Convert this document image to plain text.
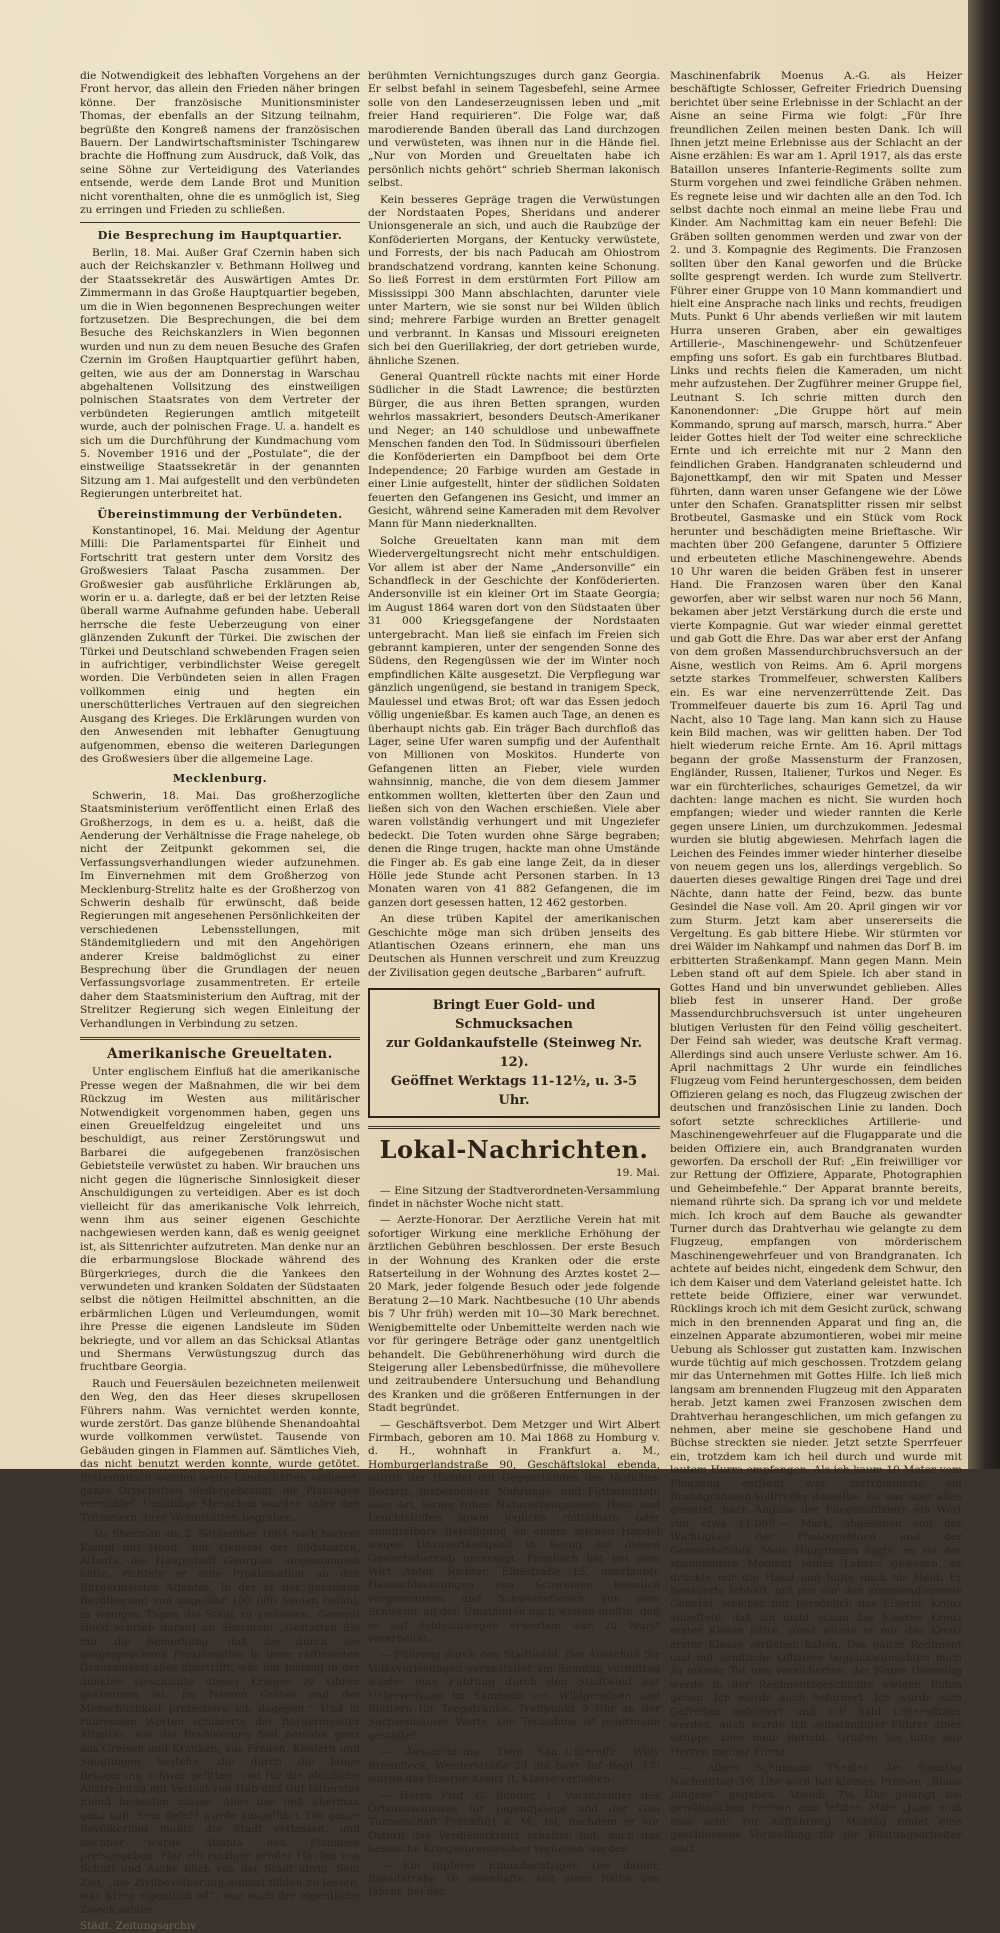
die Notwendigkeit des lebhaften Vorgehens an der Front hervor, das allein den Frieden näher bringen könne. Der französische Munitionsminister Thomas, der ebenfalls an der Sitzung teilnahm, begrüßte den Kongreß namens der französischen Bauern. Der Landwirtschaftsminister Tschingarew brachte die Hoffnung zum Ausdruck, daß Volk, das seine Söhne zur Verteidigung des Vaterlandes entsende, werde dem Lande Brot und Munition nicht vorenthalten, ohne die es unmöglich ist, Sieg zu erringen und Frieden zu schließen.

Die Besprechung im Hauptquartier.

Berlin, 18. Mai. Außer Graf Czernin haben sich auch der Reichskanzler v. Bethmann Hollweg und der Staatssekretär des Auswärtigen Amtes Dr. Zimmermann in das Große Hauptquartier begeben, um die in Wien begonnenen Besprechungen weiter fortzusetzen. Die Besprechungen, die bei dem Besuche des Reichskanzlers in Wien begonnen wurden und nun zu dem neuen Besuche des Grafen Czernin im Großen Hauptquartier geführt haben, gelten, wie aus der am Donnerstag in Warschau abgehaltenen Vollsitzung des einstweiligen polnischen Staatsrates von dem Vertreter der verbündeten Regierungen amtlich mitgeteilt wurde, auch der polnischen Frage. U. a. handelt es sich um die Durchführung der Kundmachung vom 5. November 1916 und der „Postulate“, die der einstweilige Staatssekretär in der genannten Sitzung am 1. Mai aufgestellt und den verbündeten Regierungen unterbreitet hat.

Übereinstimmung der Verbündeten.

Konstantinopel, 16. Mai. Meldung der Agentur Milli: Die Parlamentspartei für Einheit und Fortschritt trat gestern unter dem Vorsitz des Großwesiers Talaat Pascha zusammen. Der Großwesier gab ausführliche Erklärungen ab, worin er u. a. darlegte, daß er bei der letzten Reise überall warme Aufnahme gefunden habe. Ueberall herrsche die feste Ueberzeugung von einer glänzenden Zukunft der Türkei. Die zwischen der Türkei und Deutschland schwebenden Fragen seien in aufrichtiger, verbindlichster Weise geregelt worden. Die Verbündeten seien in allen Fragen vollkommen einig und hegten ein unerschütterliches Vertrauen auf den siegreichen Ausgang des Krieges. Die Erklärungen wurden von den Anwesenden mit lebhafter Genugtuung aufgenommen, ebenso die weiteren Darlegungen des Großwesiers über die allgemeine Lage.

Mecklenburg.

Schwerin, 18. Mai. Das großherzogliche Staatsministerium veröffentlicht einen Erlaß des Großherzogs, in dem es u. a. heißt, daß die Aenderung der Verhältnisse die Frage nahelege, ob nicht der Zeitpunkt gekommen sei, die Verfassungsverhandlungen wieder aufzunehmen. Im Einvernehmen mit dem Großherzog von Mecklenburg-Strelitz halte es der Großherzog von Schwerin deshalb für erwünscht, daß beide Regierungen mit angesehenen Persönlichkeiten der verschiedenen Lebensstellungen, mit Ständemitgliedern und mit den Angehörigen anderer Kreise baldmöglichst zu einer Besprechung über die Grundlagen der neuen Verfassungsvorlage zusammentreten. Er erteile daher dem Staatsministerium den Auftrag, mit der Strelitzer Regierung sich wegen Einleitung der Verhandlungen in Verbindung zu setzen.

Amerikanische Greueltaten.

Unter englischem Einfluß hat die amerikanische Presse wegen der Maßnahmen, die wir bei dem Rückzug im Westen aus militärischer Notwendigkeit vorgenommen haben, gegen uns einen Greuelfeldzug eingeleitet und uns beschuldigt, aus reiner Zerstörungswut und Barbarei die aufgegebenen französischen Gebietsteile verwüstet zu haben. Wir brauchen uns nicht gegen die lügnerische Sinnlosigkeit dieser Anschuldigungen zu verteidigen. Aber es ist doch vielleicht für das amerikanische Volk lehrreich, wenn ihm aus seiner eigenen Geschichte nachgewiesen werden kann, daß es wenig geeignet ist, als Sittenrichter aufzutreten. Man denke nur an die erbarmungslose Blockade während des Bürgerkrieges, durch die die Yankees den verwundeten und kranken Soldaten der Südstaaten selbst die nötigen Heilmittel abschnitten, an die erbärmlichen Lügen und Verleumdungen, womit ihre Presse die eigenen Landsleute im Süden bekriegte, und vor allem an das Schicksal Atlantas und Shermans Verwüstungszug durch das fruchtbare Georgia.

Rauch und Feuersäulen bezeichneten meilenweit den Weg, den das Heer dieses skrupellosen Führers nahm. Was vernichtet werden konnte, wurde zerstört. Das ganze blühende Shenandoahtal wurde vollkommen verwüstet. Tausende von Gebäuden gingen in Flammen auf. Sämtliches Vieh, das nicht benutzt werden konnte, wurde getötet. Systematisch wurden weite Landschaften verheert, ganze Ortschaften niedergebrannt, die Plantagen vernichtet. Unzählige Menschen wurden unter den Trümmern ihrer Wohnstätten begraben.

Als Sherman am 2. September 1864 nach hartem Kampf mit Hood, dem General der Südstaaten, Atlanta, die Hauptstadt Georgias, eingenommen hatte, richtete er eine Proklamation an den Bürgermeister Atlantas, in der er der gesamten Bevölkerung von ungefähr 100 000 Seelen befahl, in wenigen Tagen die Stadt zu verlassen. General Hood schrieb darauf an Sherman: „Gestatten Sie mir die Bemerkung, daß die durch Sie ausgesprochene Proklamation in ihrer raffinierten Grausamkeit alles übertrifft, was mir bislang in der dunklen Geschichte dieses Krieges zu Ohren gekommen ist. Im Namen Gottes und der Menschlichkeit protestiere ich dagegen.“ Und in rührenden Worten schilderte der Bürgermeister Atlantas, wie die Bevölkerung fast beinahe ganz aus Greisen und Kranken, aus Frauen, Kindern und Säuglingen bestehe, die durch die lange Belagerung schwer gelitten, und für die plötzliche Austreibung mit Verlust von Hab und Gut bitterstes Elend bedeuten müsse. Alles das ließ Sherman ganz kalt. Sein Befehl wurde ausgeführt. Die ganze Bevölkerung mußte die Stadt verlassen, und nachher wurde Atlanta den Flammen preisgegeben. Nur ein einziger großer Haufen von Schutt und Asche blieb von der Stadt übrig. Sein Ziel, „die Zivilbevölkerung einmal fühlen zu lassen, was Krieg eigentlich ist“, war auch der eigentliche Zweck seines

Städt. Zeitungsarchiv

berühmten Vernichtungszuges durch ganz Georgia. Er selbst befahl in seinem Tagesbefehl, seine Armee solle von den Landeserzeugnissen leben und „mit freier Hand requirieren“. Die Folge war, daß marodierende Banden überall das Land durchzogen und verwüsteten, was ihnen nur in die Hände fiel. „Nur von Morden und Greueltaten habe ich persönlich nichts gehört“ schrieb Sherman lakonisch selbst.

Kein besseres Gepräge tragen die Verwüstungen der Nordstaaten Popes, Sheridans und anderer Unionsgenerale an sich, und auch die Raubzüge der Konföderierten Morgans, der Kentucky verwüstete, und Forrests, der bis nach Paducah am Ohiostrom brandschatzend vordrang, kannten keine Schonung. So ließ Forrest in dem erstürmten Fort Pillow am Mississippi 300 Mann abschlachten, darunter viele unter Martern, wie sie sonst nur bei Wilden üblich sind; mehrere Farbige wurden an Bretter genagelt und verbrannt. In Kansas und Missouri ereigneten sich bei den Guerillakrieg, der dort getrieben wurde, ähnliche Szenen.

General Quantrell rückte nachts mit einer Horde Südlicher in die Stadt Lawrence; die bestürzten Bürger, die aus ihren Betten sprangen, wurden wehrlos massakriert, besonders Deutsch-Amerikaner und Neger; an 140 schuldlose und unbewaffnete Menschen fanden den Tod. In Südmissouri überfielen die Konföderierten ein Dampfboot bei dem Orte Independence; 20 Farbige wurden am Gestade in einer Linie aufgestellt, hinter der südlichen Soldaten feuerten den Gefangenen ins Gesicht, und immer an Gesicht, während seine Kameraden mit dem Revolver Mann für Mann niederknallten.

Solche Greueltaten kann man mit dem Wiedervergeltungsrecht nicht mehr entschuldigen. Vor allem ist aber der Name „Andersonville“ ein Schandfleck in der Geschichte der Konföderierten. Andersonville ist ein kleiner Ort im Staate Georgia; im August 1864 waren dort von den Südstaaten über 31 000 Kriegsgefangene der Nordstaaten untergebracht. Man ließ sie einfach im Freien sich gebrannt kampieren, unter der sengenden Sonne des Südens, den Regengüssen wie der im Winter noch empfindlichen Kälte ausgesetzt. Die Verpflegung war gänzlich ungenügend, sie bestand in tranigem Speck, Maulessel und etwas Brot; oft war das Essen jedoch völlig ungenießbar. Es kamen auch Tage, an denen es überhaupt nichts gab. Ein träger Bach durchfloß das Lager, seine Ufer waren sumpfig und der Aufenthalt von Millionen von Moskitos. Hunderte von Gefangenen litten an Fieber, viele wurden wahnsinnig, manche, die von dem diesem Jammer entkommen wollten, kletterten über den Zaun und ließen sich von den Wachen erschießen. Viele aber waren vollständig verhungert und mit Ungeziefer bedeckt. Die Toten wurden ohne Särge begraben; denen die Ringe trugen, hackte man ohne Umstände die Finger ab. Es gab eine lange Zeit, da in dieser Hölle jede Stunde acht Personen starben. In 13 Monaten waren von 41 882 Gefangenen, die im ganzen dort gesessen hatten, 12 462 gestorben.

An diese trüben Kapitel der amerikanischen Geschichte möge man sich drüben jenseits des Atlantischen Ozeans erinnern, ehe man uns Deutschen als Hunnen verschreit und zum Kreuzzug der Zivilisation gegen deutsche „Barbaren“ aufruft.

Bringt Euer Gold- und Schmucksachen
zur Goldankaufstelle (Steinweg Nr. 12).
Geöffnet Werktags 11-12½, u. 3-5 Uhr.
Lokal-Nachrichten.
19. Mai.

— Eine Sitzung der Stadtverordneten-Versammlung findet in nächster Woche nicht statt.

— Aerzte-Honorar. Der Aerztliche Verein hat mit sofortiger Wirkung eine merkliche Erhöhung der ärztlichen Gebühren beschlossen. Der erste Besuch in der Wohnung des Kranken oder die erste Ratserteilung in der Wohnung des Arztes kostet 2—20 Mark, jeder folgende Besuch oder jede folgende Beratung 2—10 Mark. Nachtbesuche (10 Uhr abends bis 7 Uhr früh) werden mit 10—30 Mark berechnet. Wenigbemittelte oder Unbemittelte werden nach wie vor für geringere Beträge oder ganz unentgeltlich behandelt. Die Gebührenerhöhung wird durch die Steigerung aller Lebensbedürfnisse, die mühevollere und zeitraubendere Untersuchung und Behandlung des Kranken und die größeren Entfernungen in der Stadt begründet.

— Geschäftsverbot. Dem Metzger und Wirt Albert Firmbach, geboren am 10. Mai 1868 zu Homburg v. d. H., wohnhaft in Frankfurt a. M., Homburgerlandstraße 90, Geschäftslokal ebenda, wurde der Handel mit Gegenständen des täglichen Bedarfs, insbesondere Nahrungs- und Futtermitteln aller Art, ferner rohen Naturerzeugnissen, Heiz- und Leuchtstoffen sowie jegliche mittelbare oder unmittelbare Beteiligung an einem solchen Handel wegen Unzuverlässigkeit in Bezug auf diesen Gewerbebetrieb untersagt. Firmbach hat bei dem Wirt Anton Richter, Elbestraße 15, unerlaubte Hausschlachtungen von Schweinen heimlich vorgenommen und Schweinefleisch von dem Schweine an den Umständen nach wissen mußte, daß es auf Schleichwegen erworben war, zu Wurst verarbeitet.

— Führung durch den Stadtwald. Der Ausschuß für Volksvorlesungen veranstaltet am Sonntag vormittag wieder eine Führung durch den Stadtwald zur Unterweisung im Sammeln von Wildgemüsen und Blättern für Teegetränke. Treffpunkt 9 Uhr an der Sachsenhäuser Warte. Die Teilnahme ist jedermann gestattet.

— Auszeichnung. Dem San.-Unteroffz. Willy Brennfleck, Werderstraße 23 (im bayr. Inf.-Regt. 17) wurde das Eiserne Kreuz II. Klasse verliehen.

— Herrn Prof. G. Bender, 1. Vorsitzender des Ortsausschusses für Jugendpflege und der Gau Turnerschaft Frankfurt a. M., ist, nachdem er vor Ostern das Verdienstkreuz erhalten hat, auch das hessische Kriegsehrenzeichen verliehen worden.

— Ein tapferer Einundachtziger. Der dahier, Basaltstraße 10 wohnhafte, seit einer Reihe von Jahren bei der

Maschinenfabrik Moenus A.-G. als Heizer beschäftigte Schlosser, Gefreiter Friedrich Duensing berichtet über seine Erlebnisse in der Schlacht an der Aisne an seine Firma wie folgt: „Für Ihre freundlichen Zeilen meinen besten Dank. Ich will Ihnen jetzt meine Erlebnisse aus der Schlacht an der Aisne erzählen: Es war am 1. April 1917, als das erste Bataillon unseres Infanterie-Regiments sollte zum Sturm vorgehen und zwei feindliche Gräben nehmen. Es regnete leise und wir dachten alle an den Tod. Ich selbst dachte noch einmal an meine liebe Frau und Kinder. Am Nachmittag kam ein neuer Befehl: Die Gräben sollten genommen werden und zwar von der 2. und 3. Kompagnie des Regiments. Die Franzosen sollten über den Kanal geworfen und die Brücke sollte gesprengt werden. Ich wurde zum Stellvertr. Führer einer Gruppe von 10 Mann kommandiert und hielt eine Ansprache nach links und rechts, freudigen Muts. Punkt 6 Uhr abends verließen wir mit lautem Hurra unseren Graben, aber ein gewaltiges Artillerie-, Maschinengewehr- und Schützenfeuer empfing uns sofort. Es gab ein furchtbares Blutbad. Links und rechts fielen die Kameraden, um nicht mehr aufzustehen. Der Zugführer meiner Gruppe fiel, Leutnant S. Ich schrie mitten durch den Kanonendonner: „Die Gruppe hört auf mein Kommando, sprung auf marsch, marsch, hurra.“ Aber leider Gottes hielt der Tod weiter eine schreckliche Ernte und ich erreichte mit nur 2 Mann den feindlichen Graben. Handgranaten schleudernd und Bajonettkampf, den wir mit Spaten und Messer führten, dann waren unser Gefangene wie der Löwe unter den Schafen. Granatsplitter rissen mir selbst Brotbeutel, Gasmaske und ein Stück vom Rock herunter und beschädigten meine Brieftasche. Wir machten über 200 Gefangene, darunter 5 Offiziere und erbeuteten etliche Maschinengewehre. Abends 10 Uhr waren die beiden Gräben fest in unserer Hand. Die Franzosen waren über den Kanal geworfen, aber wir selbst waren nur noch 56 Mann, bekamen aber jetzt Verstärkung durch die erste und vierte Kompagnie. Gut war wieder einmal gerettet und gab Gott die Ehre. Das war aber erst der Anfang von dem großen Massendurchbruchsversuch an der Aisne, westlich von Reims. Am 6. April morgens setzte starkes Trommelfeuer, schwersten Kalibers ein. Es war eine nervenzerrüttende Zeit. Das Trommelfeuer dauerte bis zum 16. April Tag und Nacht, also 10 Tage lang. Man kann sich zu Hause kein Bild machen, was wir gelitten haben. Der Tod hielt wiederum reiche Ernte. Am 16. April mittags begann der große Massensturm der Franzosen, Engländer, Russen, Italiener, Turkos und Neger. Es war ein fürchterliches, schauriges Gemetzel, da wir dachten: lange machen es nicht. Sie wurden hoch empfangen; wieder und wieder rannten die Kerle gegen unsere Linien, um durchzukommen. Jedesmal wurden sie blutig abgewiesen. Mehrfach lagen die Leichen des Feindes immer wieder hinterher dieselbe von neuem gegen uns los, allerdings vergeblich. So dauerten dieses gewaltige Ringen drei Tage und drei Nächte, dann hatte der Feind, bezw. das bunte Gesindel die Nase voll. Am 20. April gingen wir vor zum Sturm. Jetzt kam aber unsererseits die Vergeltung. Es gab bittere Hiebe. Wir stürmten vor drei Wälder im Nahkampf und nahmen das Dorf B. im erbitterten Straßenkampf. Mann gegen Mann. Mein Leben stand oft auf dem Spiele. Ich aber stand in Gottes Hand und bin unverwundet geblieben. Alles blieb fest in unserer Hand. Der große Massendurchbruchsversuch ist unter ungeheuren blutigen Verlusten für den Feind völlig gescheitert. Der Feind sah wieder, was deutsche Kraft vermag. Allerdings sind auch unsere Verluste schwer. Am 16. April nachmittags 2 Uhr wurde ein feindliches Flugzeug vom Feind heruntergeschossen, dem beiden Offizieren gelang es noch, das Flugzeug zwischen der deutschen und französischen Linie zu landen. Doch sofort setzte schreckliches Artillerie- und Maschinengewehrfeuer auf die Flugapparate und die beiden Offiziere ein, auch Brandgranaten wurden geworfen. Da erscholl der Ruf: „Ein freiwilliger vor zur Rettung der Offiziere, Apparate, Photographien und Geheimbefehle.“ Der Apparat brannte bereits, niemand rührte sich. Da sprang ich vor und meldete mich. Ich kroch auf dem Bauche als gewandter Turner durch das Drahtverhau wie gelangte zu dem Flugzeug, empfangen von mörderischem Maschinengewehrfeuer und von Brandgranaten. Ich achtete auf beides nicht, eingedenk dem Schwur, den ich dem Kaiser und dem Vaterland geleistet hatte. Ich rettete beide Offiziere, einer war verwundet. Rücklings kroch ich mit dem Gesicht zurück, schwang mich in den brennenden Apparat und fing an, die einzelnen Apparate abzumontieren, wobei mir meine Uebung als Schlosser gut zustatten kam. Inzwischen wurde tüchtig auf mich geschossen. Trotzdem gelang mir das Unternehmen mit Gottes Hilfe. Ich ließ mich langsam am brennenden Flugzeug mit den Apparaten herab. Jetzt kamen zwei Franzosen zwischen dem Drahtverhau herangeschlichen, um mich gefangen zu nehmen, aber meine sie geschobene Hand und Büchse streckten sie nieder. Jetzt setzte Sperrfeuer ein, trotzdem kam ich heil durch und wurde mit lautem Hurra empfangen. Als ich kaum 10 Meter vom Flugzeug entfernt war, zertrümmerte ein Brandgranaten-Vollfreffer dasselbe. Es war aber alles gerettet, nach Angabe der Fliegeroffiziere ein Wert von etwa 11.000.— Mark, abgesehen von der Wichtigkeit der Photographien und der Geheimbefehle. Mein Hauptmann sagte, es sei der spannendste Moment seines Lebens gewesen, er drückte mir die Hand und lobte mich als Held. Er bedauerte lebhaft, mit mir nur den kommandierende General, welcher mir persönlich das Eiserne Kreuz anheftete, daß ich nicht schon das Eiserne Kreuz erster Klasse hätte, sonst würde er mir das Kreuz erster Klasse verliehen haben. Das ganze Regiment und mit sämtliche Offiziere beglückwünschten mich zu meiner Tat und versicherten, der Name Duensing werde in der Regimentsgeschichte ewigen Ruhm gehen. Ich wurde auch befördert. Ich wurde zum Gefreiten befördert und soll bald Unteroffizier werden, auch wurde ich selbständiger Führer einer Gruppe. Dies mein Bericht. Grüßen Sie bitte alle Herren meiner Firma.

— Albert Schumann Theater. Am Sonntag Nachmittag 3½ Uhr wird bei kleinen Preisen „Blaue Jungens“ gegeben. Abends 7¼ Uhr gelangt bei gewöhnlichen Preisen zum letzten Male „Jung muß man sein“ zur Aufführung. Montag findet eine geschlossene Vorstellung für die Rüstungsarbeiter statt.
